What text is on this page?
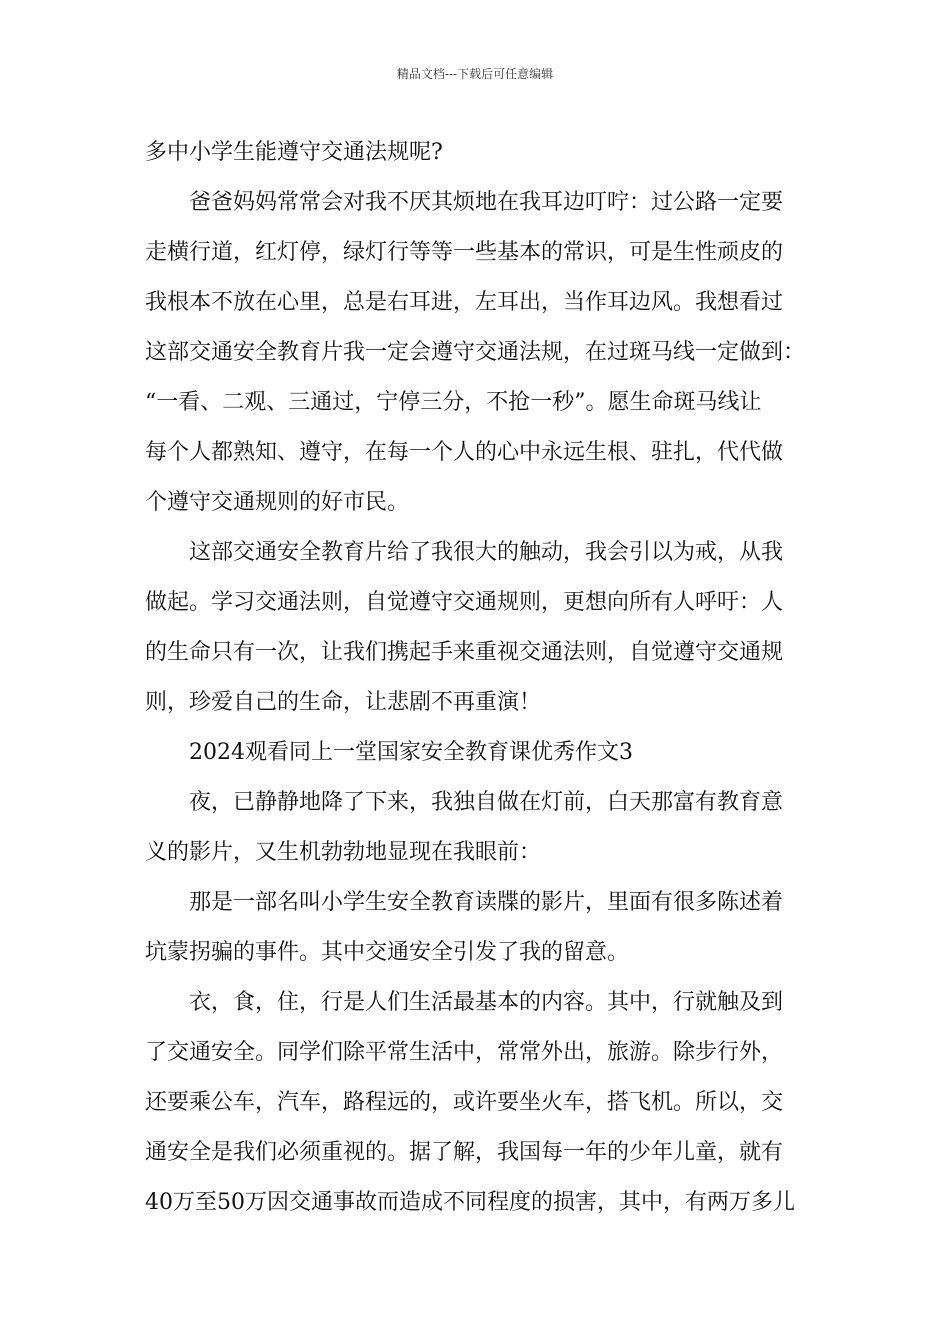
精品文档---下载后可任意编辑
多中小学生能遵守交通法规呢?
爸爸妈妈常常会对我不厌其烦地在我耳边叮咛：过公路一定要
走横行道，红灯停，绿灯行等等一些基本的常识，可是生性顽皮的
我根本不放在心里，总是右耳进，左耳出，当作耳边风。我想看过
这部交通安全教育片我一定会遵守交通法规，在过斑马线一定做到：
“一看、二观、三通过，宁停三分，不抢一秒”。愿生命斑马线让
每个人都熟知、遵守，在每一个人的心中永远生根、驻扎，代代做
个遵守交通规则的好市民。
这部交通安全教育片给了我很大的触动，我会引以为戒，从我
做起。学习交通法则，自觉遵守交通规则，更想向所有人呼吁：人
的生命只有一次，让我们携起手来重视交通法则，自觉遵守交通规
则，珍爱自己的生命，让悲剧不再重演！
2024观看同上一堂国家安全教育课优秀作文3
夜，已静静地降了下来，我独自做在灯前，白天那富有教育意
义的影片，又生机勃勃地显现在我眼前：
那是一部名叫小学生安全教育读牒的影片，里面有很多陈述着
坑蒙拐骗的事件。其中交通安全引发了我的留意。
衣，食，住，行是人们生活最基本的内容。其中，行就触及到
了交通安全。同学们除平常生活中，常常外出，旅游。除步行外，
还要乘公车，汽车，路程远的，或许要坐火车，搭飞机。所以，交
通安全是我们必须重视的。据了解，我国每一年的少年儿童，就有
40万至50万因交通事故而造成不同程度的损害，其中，有两万多儿
